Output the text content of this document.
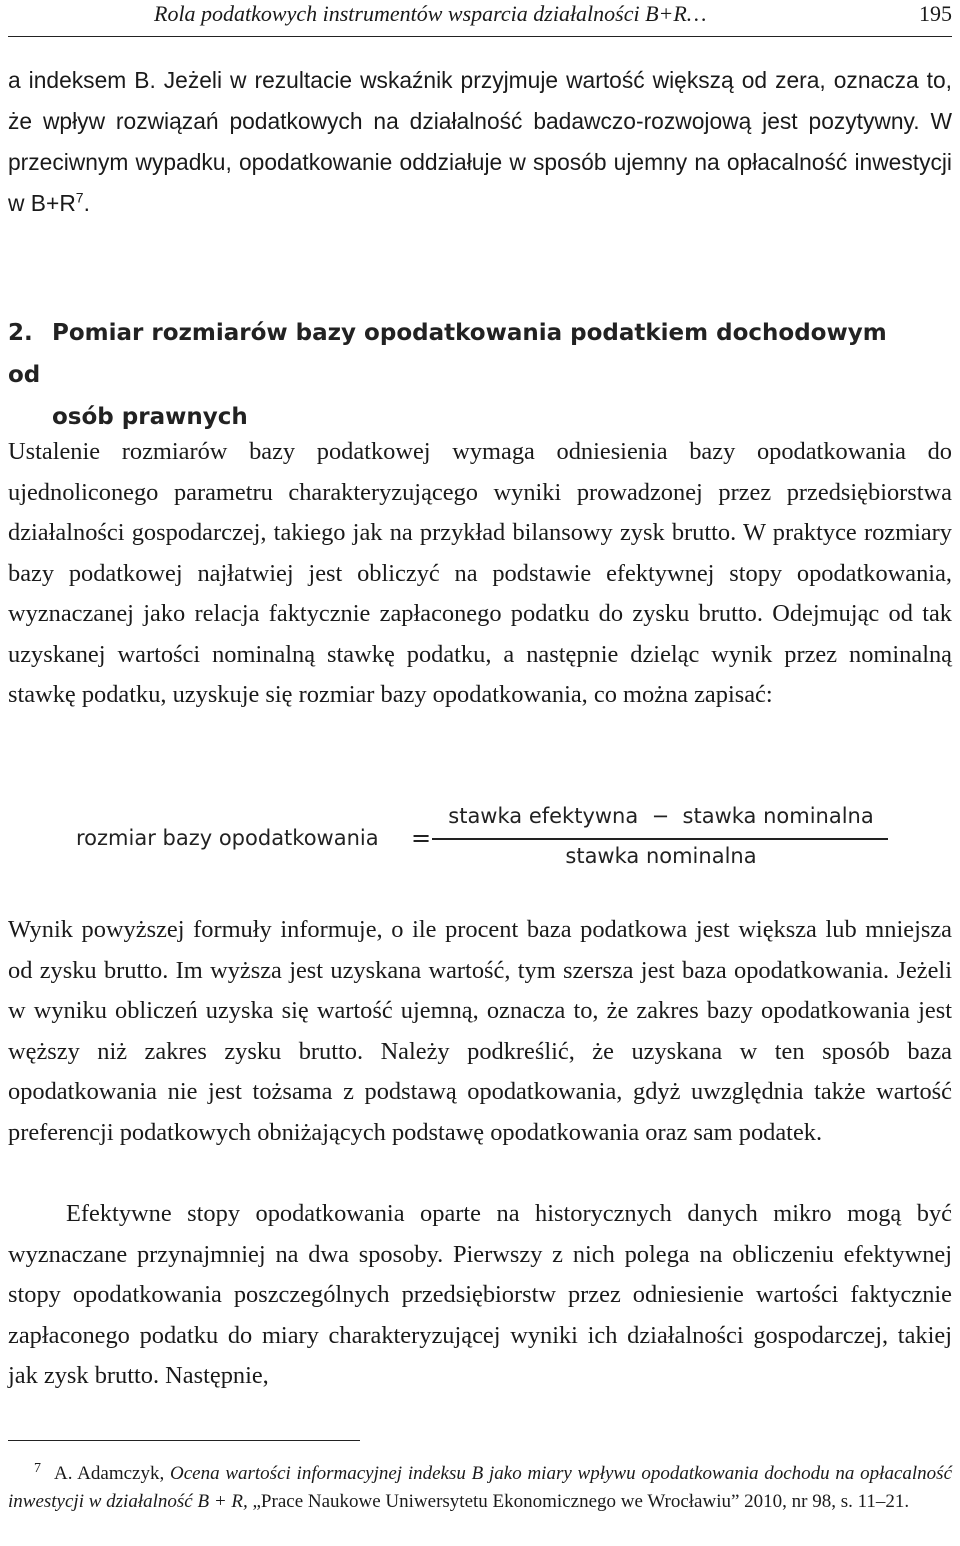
Rola podatkowych instrumentów wsparcia działalności B+R…	195

a indeksem B. Jeżeli w rezultacie wskaźnik przyjmuje wartość większą od zera, oznacza to, że wpływ rozwiązań podatkowych na działalność badawczo-rozwojową jest pozytywny. W przeciwnym wypadku, opodatkowanie oddziałuje w sposób ujemny na opłacalność inwestycji w $B+R^7$.

2. Pomiar rozmiarów bazy opodatkowania podatkiem dochodowym od
osób prawnych

Ustalenie rozmiarów bazy podatkowej wymaga odniesienia bazy opodatkowania do ujednoliconego parametru charakteryzującego wyniki prowadzonej przez przedsiębiorstwa działalności gospodarczej, takiego jak na przykład bilansowy zysk brutto. W praktyce rozmiary bazy podatkowej najłatwiej jest obliczyć na podstawie efektywnej stopy opodatkowania, wyznaczanej jako relacja faktycznie zapłaconego podatku do zysku brutto. Odejmując od tak uzyskanej wartości nominalną stawkę podatku, a następnie dzieląc wynik przez nominalną stawkę podatku, uzyskuje się rozmiar bazy opodatkowania, co można zapisać:

rozmiar bazy opodatkowania =
stawka efektywna  −  stawka nominalna
stawka nominalna

Wynik powyższej formuły informuje, o ile procent baza podatkowa jest większa lub mniejsza od zysku brutto. Im wyższa jest uzyskana wartość, tym szersza jest baza opodatkowania. Jeżeli w wyniku obliczeń uzyska się wartość ujemną, oznacza to, że zakres bazy opodatkowania jest węższy niż zakres zysku brutto. Należy podkreślić, że uzyskana w ten sposób baza opodatkowania nie jest tożsama z podstawą opodatkowania, gdyż uwzględnia także wartość preferencji podatkowych obniżających podstawę opodatkowania oraz sam podatek.

Efektywne stopy opodatkowania oparte na historycznych danych mikro mogą być wyznaczane przynajmniej na dwa sposoby. Pierwszy z nich polega na obliczeniu efektywnej stopy opodatkowania poszczególnych przedsiębiorstw przez odniesienie wartości faktycznie zapłaconego podatku do miary charakteryzującej wyniki ich działalności gospodarczej, takiej jak zysk brutto. Następnie,

7 A. Adamczyk, Ocena wartości informacyjnej indeksu B jako miary wpływu opodatkowania dochodu na opłacalność inwestycji w działalność B + R, „Prace Naukowe Uniwersytetu Ekonomicznego we Wrocławiu” 2010, nr 98, s. 11–21.
